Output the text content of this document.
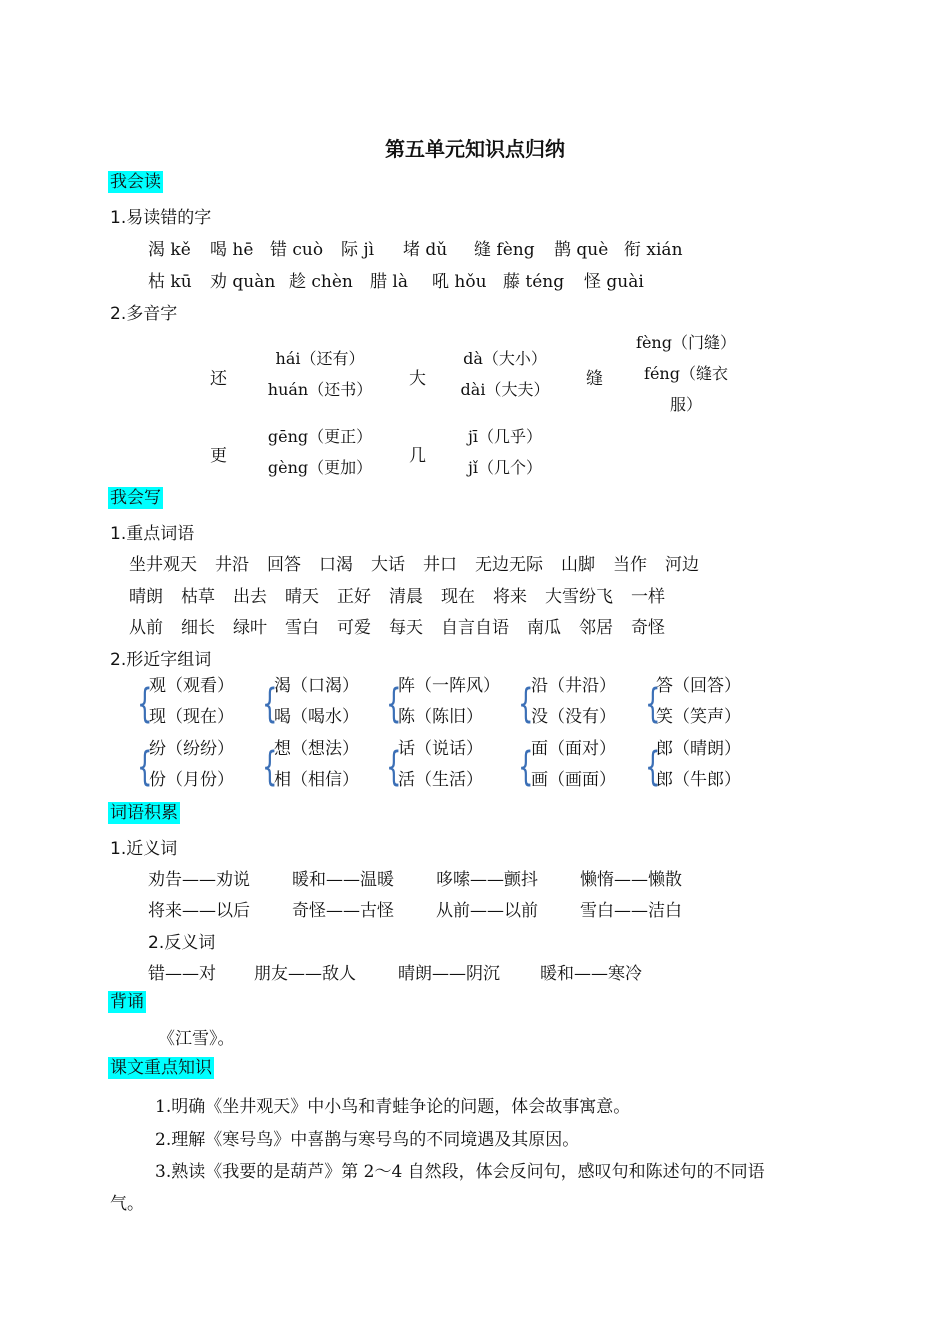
第五单元知识点归纳
我会读
1.易读错的字
渴 kě 喝 hē 错 cuò 际 jì 堵 dǔ 缝 fèng 鹊 què 衔 xián
枯 kū 劝 quàn 趁 chèn 腊 là 吼 hǒu 藤 téng 怪 guài
2.多音字
还
hái（还有）
huán（还书）
大
dà（大小）
dài（大夫）
缝
fèng（门缝）
féng（缝衣
服）
更
gēng（更正）
gèng（更加）
几
jī（几乎）
jǐ（几个）
我会写
1.重点词语
坐井观天 井沿 回答 口渴 大话 井口 无边无际 山脚 当作 河边
晴朗 枯草 出去 晴天 正好 清晨 现在 将来 大雪纷飞 一样
从前 细长 绿叶 雪白 可爱 每天 自言自语 南瓜 邻居 奇怪
2.形近字组词
{
观（观看）
现（现在） {
渴（口渴）
喝（喝水） {
阵（一阵风）
陈（陈旧） {
沿（井沿）
没（没有） {
答（回答）
笑（笑声）
{
纷（纷纷）
份（月份） {
想（想法）
相（相信） {
话（说话）
活（生活） {
面（面对）
画（画面） {
郎（晴朗）
郎（牛郎）
词语积累
1.近义词
劝告——劝说 暖和——温暖 哆嗦——颤抖 懒惰——懒散
将来——以后 奇怪——古怪 从前——以前 雪白——洁白
2.反义词
错——对 朋友——敌人 晴朗——阴沉 暖和——寒冷
背诵
《江雪》。
课文重点知识
1.明确《坐井观天》中小鸟和青蛙争论的问题，体会故事寓意。
2.理解《寒号鸟》中喜鹊与寒号鸟的不同境遇及其原因。
3.熟读《我要的是葫芦》第 2～4 自然段，体会反问句，感叹句和陈述句的不同语
气。
